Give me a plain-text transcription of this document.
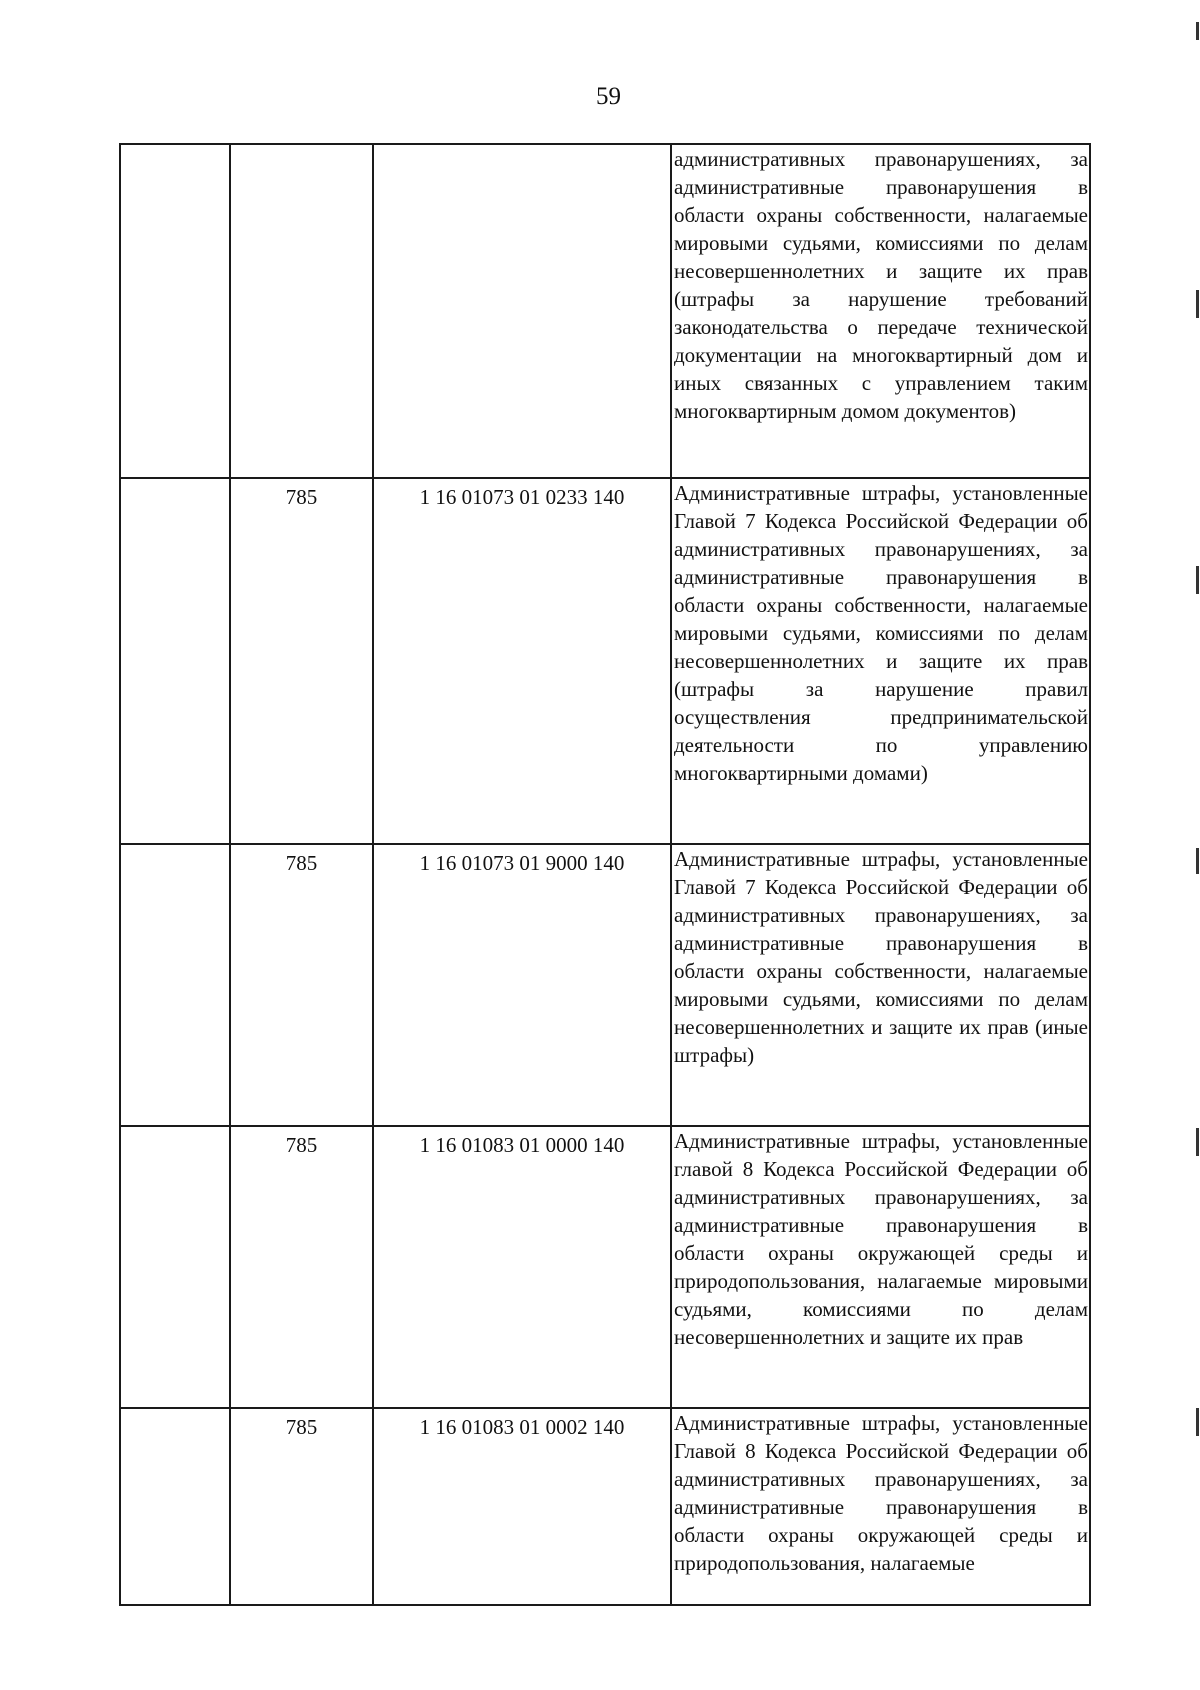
59
			административных правонарушениях, за административные правонарушения в области охраны собственности, налагаемые мировыми судьями, комиссиями по делам несовершеннолетних и защите их прав (штрафы за нарушение требований законодательства о передаче технической документации на многоквартирный дом и иных связанных с управлением таким многоквартирным домом документов)
	785	1 16 01073 01 0233 140	Административные штрафы, установленные Главой 7 Кодекса Российской Федерации об административных правонарушениях, за административные правонарушения в области охраны собственности, налагаемые мировыми судьями, комиссиями по делам несовершеннолетних и защите их прав (штрафы за нарушение правил осуществления предпринимательской деятельности по управлению многоквартирными домами)
	785	1 16 01073 01 9000 140	Административные штрафы, установленные Главой 7 Кодекса Российской Федерации об административных правонарушениях, за административные правонарушения в области охраны собственности, налагаемые мировыми судьями, комиссиями по делам несовершеннолетних и защите их прав (иные штрафы)
	785	1 16 01083 01 0000 140	Административные штрафы, установленные главой 8 Кодекса Российской Федерации об административных правонарушениях, за административные правонарушения в области охраны окружающей среды и природопользования, налагаемые мировыми судьями, комиссиями по делам несовершеннолетних и защите их прав
	785	1 16 01083 01 0002 140	Административные штрафы, установленные Главой 8 Кодекса Российской Федерации об административных правонарушениях, за административные правонарушения в области охраны окружающей среды и природопользования, налагаемые
